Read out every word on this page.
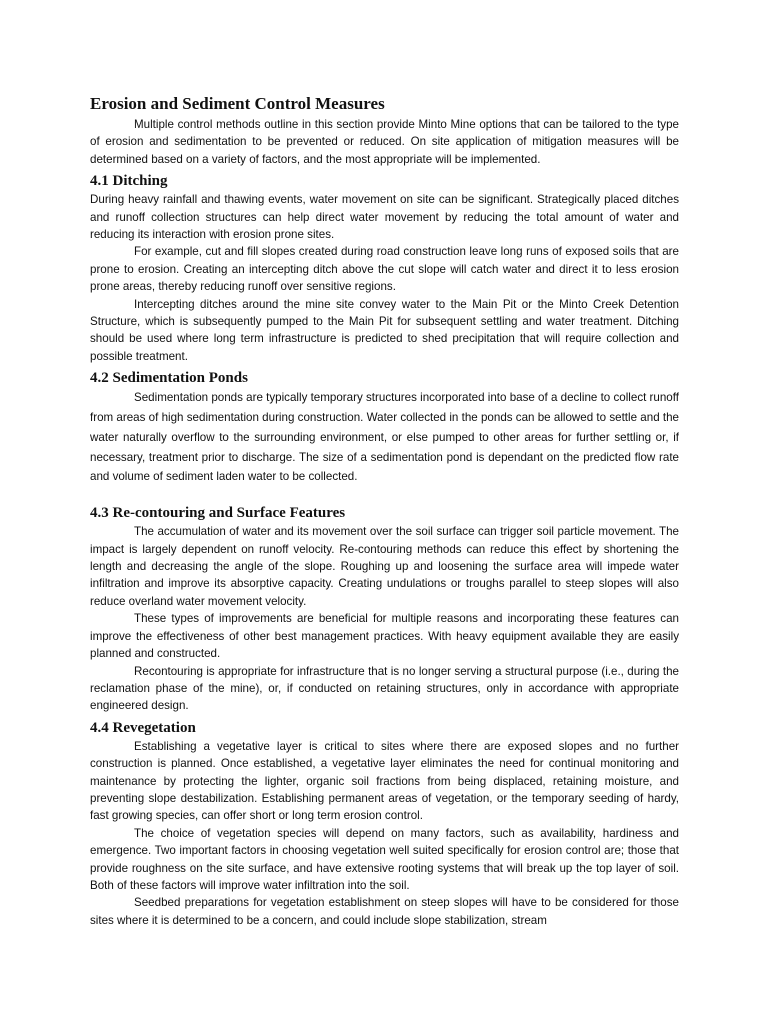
Erosion and Sediment Control Measures

Multiple control methods outline in this section provide Minto Mine options that can be tailored to the type of erosion and sedimentation to be prevented or reduced. On site application of mitigation measures will be determined based on a variety of factors, and the most appropriate will be implemented.

4.1 Ditching

During heavy rainfall and thawing events, water movement on site can be significant. Strategically placed ditches and runoff collection structures can help direct water movement by reducing the total amount of water and reducing its interaction with erosion prone sites.

For example, cut and fill slopes created during road construction leave long runs of exposed soils that are prone to erosion. Creating an intercepting ditch above the cut slope will catch water and direct it to less erosion prone areas, thereby reducing runoff over sensitive regions.

Intercepting ditches around the mine site convey water to the Main Pit or the Minto Creek Detention Structure, which is subsequently pumped to the Main Pit for subsequent settling and water treatment. Ditching should be used where long term infrastructure is predicted to shed precipitation that will require collection and possible treatment.

4.2 Sedimentation Ponds

Sedimentation ponds are typically temporary structures incorporated into base of a decline to collect runoff from areas of high sedimentation during construction. Water collected in the ponds can be allowed to settle and the water naturally overflow to the surrounding environment, or else pumped to other areas for further settling or, if necessary, treatment prior to discharge. The size of a sedimentation pond is dependant on the predicted flow rate and volume of sediment laden water to be collected.

4.3 Re-contouring and Surface Features

The accumulation of water and its movement over the soil surface can trigger soil particle movement. The impact is largely dependent on runoff velocity. Re-contouring methods can reduce this effect by shortening the length and decreasing the angle of the slope. Roughing up and loosening the surface area will impede water infiltration and improve its absorptive capacity. Creating undulations or troughs parallel to steep slopes will also reduce overland water movement velocity.

These types of improvements are beneficial for multiple reasons and incorporating these features can improve the effectiveness of other best management practices. With heavy equipment available they are easily planned and constructed.

Recontouring is appropriate for infrastructure that is no longer serving a structural purpose (i.e., during the reclamation phase of the mine), or, if conducted on retaining structures, only in accordance with appropriate engineered design.

4.4 Revegetation

Establishing a vegetative layer is critical to sites where there are exposed slopes and no further construction is planned. Once established, a vegetative layer eliminates the need for continual monitoring and maintenance by protecting the lighter, organic soil fractions from being displaced, retaining moisture, and preventing slope destabilization. Establishing permanent areas of vegetation, or the temporary seeding of hardy, fast growing species, can offer short or long term erosion control.

The choice of vegetation species will depend on many factors, such as availability, hardiness and emergence. Two important factors in choosing vegetation well suited specifically for erosion control are; those that provide roughness on the site surface, and have extensive rooting systems that will break up the top layer of soil. Both of these factors will improve water infiltration into the soil.

Seedbed preparations for vegetation establishment on steep slopes will have to be considered for those sites where it is determined to be a concern, and could include slope stabilization, stream
